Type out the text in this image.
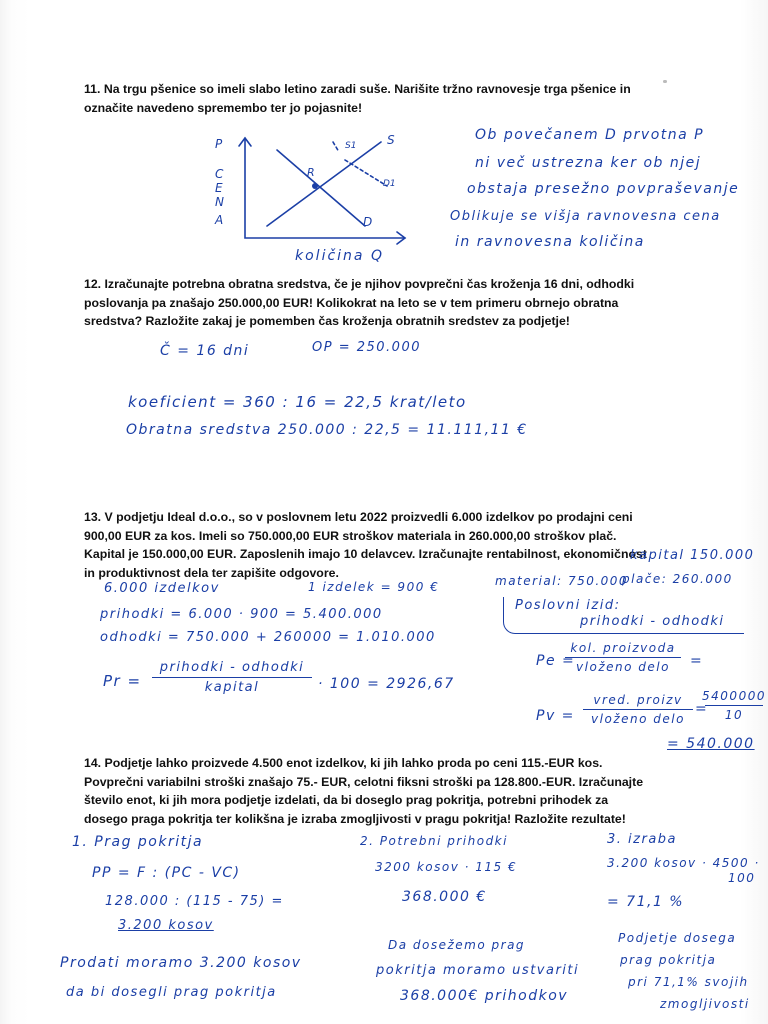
11. Na trgu pšenice so imeli slabo letino zaradi suše. Narišite tržno ravnovesje trga pšenice in označite navedeno spremembo ter jo pojasnite!
P
C
E
N
A
S
S1
D1
D
R
količina Q
Ob povečanem D prvotna P
ni več ustrezna ker ob njej
obstaja presežno povpraševanje
Oblikuje se višja ravnovesna cena
in ravnovesna količina
12. Izračunajte potrebna obratna sredstva, če je njihov povprečni čas kroženja 16 dni, odhodki poslovanja pa znašajo 250.000,00 EUR! Kolikokrat na leto se v tem primeru obrnejo obratna sredstva? Razložite zakaj je pomemben čas kroženja obratnih sredstev za podjetje!
Č = 16 dni	OP = 250.000
koeficient = 360 : 16 = 22,5 krat/leto
Obratna sredstva 250.000 : 22,5 = 11.111,11 €
13. V podjetju Ideal d.o.o., so v poslovnem letu 2022 proizvedli 6.000 izdelkov po prodajni ceni 900,00 EUR za kos. Imeli so 750.000,00 EUR stroškov materiala in 260.000,00 stroškov plač. Kapital je 150.000,00 EUR. Zaposlenih imajo 10 delavcev. Izračunajte rentabilnost, ekonomičnost in produktivnost dela ter zapišite odgovore.
kapital 150.000
6.000 izdelkov	1 izdelek = 900 €	material: 750.000
plače: 260.000
Poslovni izid:
prihodki - odhodki
prihodki = 6.000 · 900 = 5.400.000
odhodki = 750.000 + 260000 = 1.010.000
Pr =
prihodki - odhodki
kapital	· 100 = 2926,67
Pe =
kol. proizvoda
vloženo delo =
Pv =
vred. proizv
vloženo delo
=
5400000
10
= 540.000
14. Podjetje lahko proizvede 4.500 enot izdelkov, ki jih lahko proda po ceni 115.-EUR kos. Povprečni variabilni stroški znašajo 75.- EUR, celotni fiksni stroški pa 128.800.-EUR. Izračunajte število enot, ki jih mora podjetje izdelati, da bi doseglo prag pokritja, potrebni prihodek za dosego praga pokritja ter kolikšna je izraba zmogljivosti v pragu pokritja! Razložite rezultate!
1. Prag pokritja
PP = F : (PC - VC)
128.000 : (115 - 75) =
3.200 kosov
Prodati moramo 3.200 kosov
da bi dosegli prag pokritja
2. Potrebni prihodki
3200 kosov · 115 €
368.000 €
Da dosežemo prag
pokritja moramo ustvariti
368.000€ prihodkov
3. izraba
3.200 kosov · 4500 ·
100
= 71,1 %
Podjetje dosega
prag pokritja
pri 71,1% svojih
zmogljivosti
